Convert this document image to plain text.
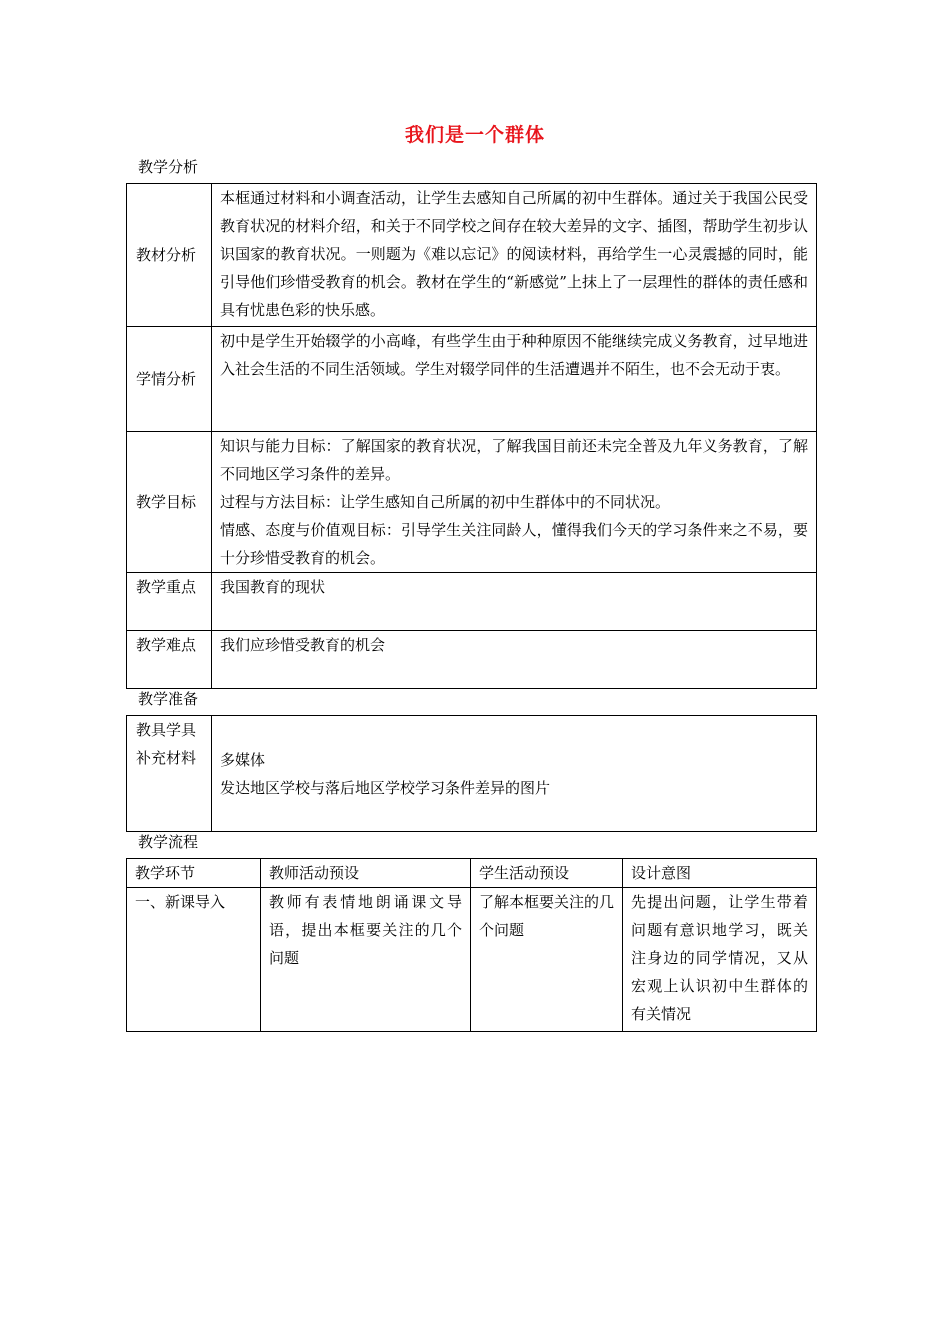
我们是一个群体
教学分析
教材分析	本框通过材料和小调查活动，让学生去感知自己所属的初中生群体。通过关于我国公民受教育状况的材料介绍，和关于不同学校之间存在较大差异的文字、插图，帮助学生初步认识国家的教育状况。一则题为《难以忘记》的阅读材料，再给学生一心灵震撼的同时，能引导他们珍惜受教育的机会。教材在学生的“新感觉”上抹上了一层理性的群体的责任感和具有忧患色彩的快乐感。
学情分析	初中是学生开始辍学的小高峰，有些学生由于种种原因不能继续完成义务教育，过早地进入社会生活的不同生活领域。学生对辍学同伴的生活遭遇并不陌生，也不会无动于衷。
教学目标	知识与能力目标：了解国家的教育状况，了解我国目前还未完全普及九年义务教育，了解不同地区学习条件的差异。

过程与方法目标：让学生感知自己所属的初中生群体中的不同状况。

情感、态度与价值观目标：引导学生关注同龄人，懂得我们今天的学习条件来之不易，要十分珍惜受教育的机会。

教学重点	我国教育的现状
教学难点	我们应珍惜受教育的机会
教学准备

教具学具

补充材料	多媒体

发达地区学校与落后地区学校学习条件差异的图片

教学流程
教学环节	教师活动预设	学生活动预设	设计意图
一、新课导入	教师有表情地朗诵课文导语，提出本框要关注的几个问题	了解本框要关注的几个问题	先提出问题，让学生带着问题有意识地学习，既关注身边的同学情况，又从宏观上认识初中生群体的有关情况
